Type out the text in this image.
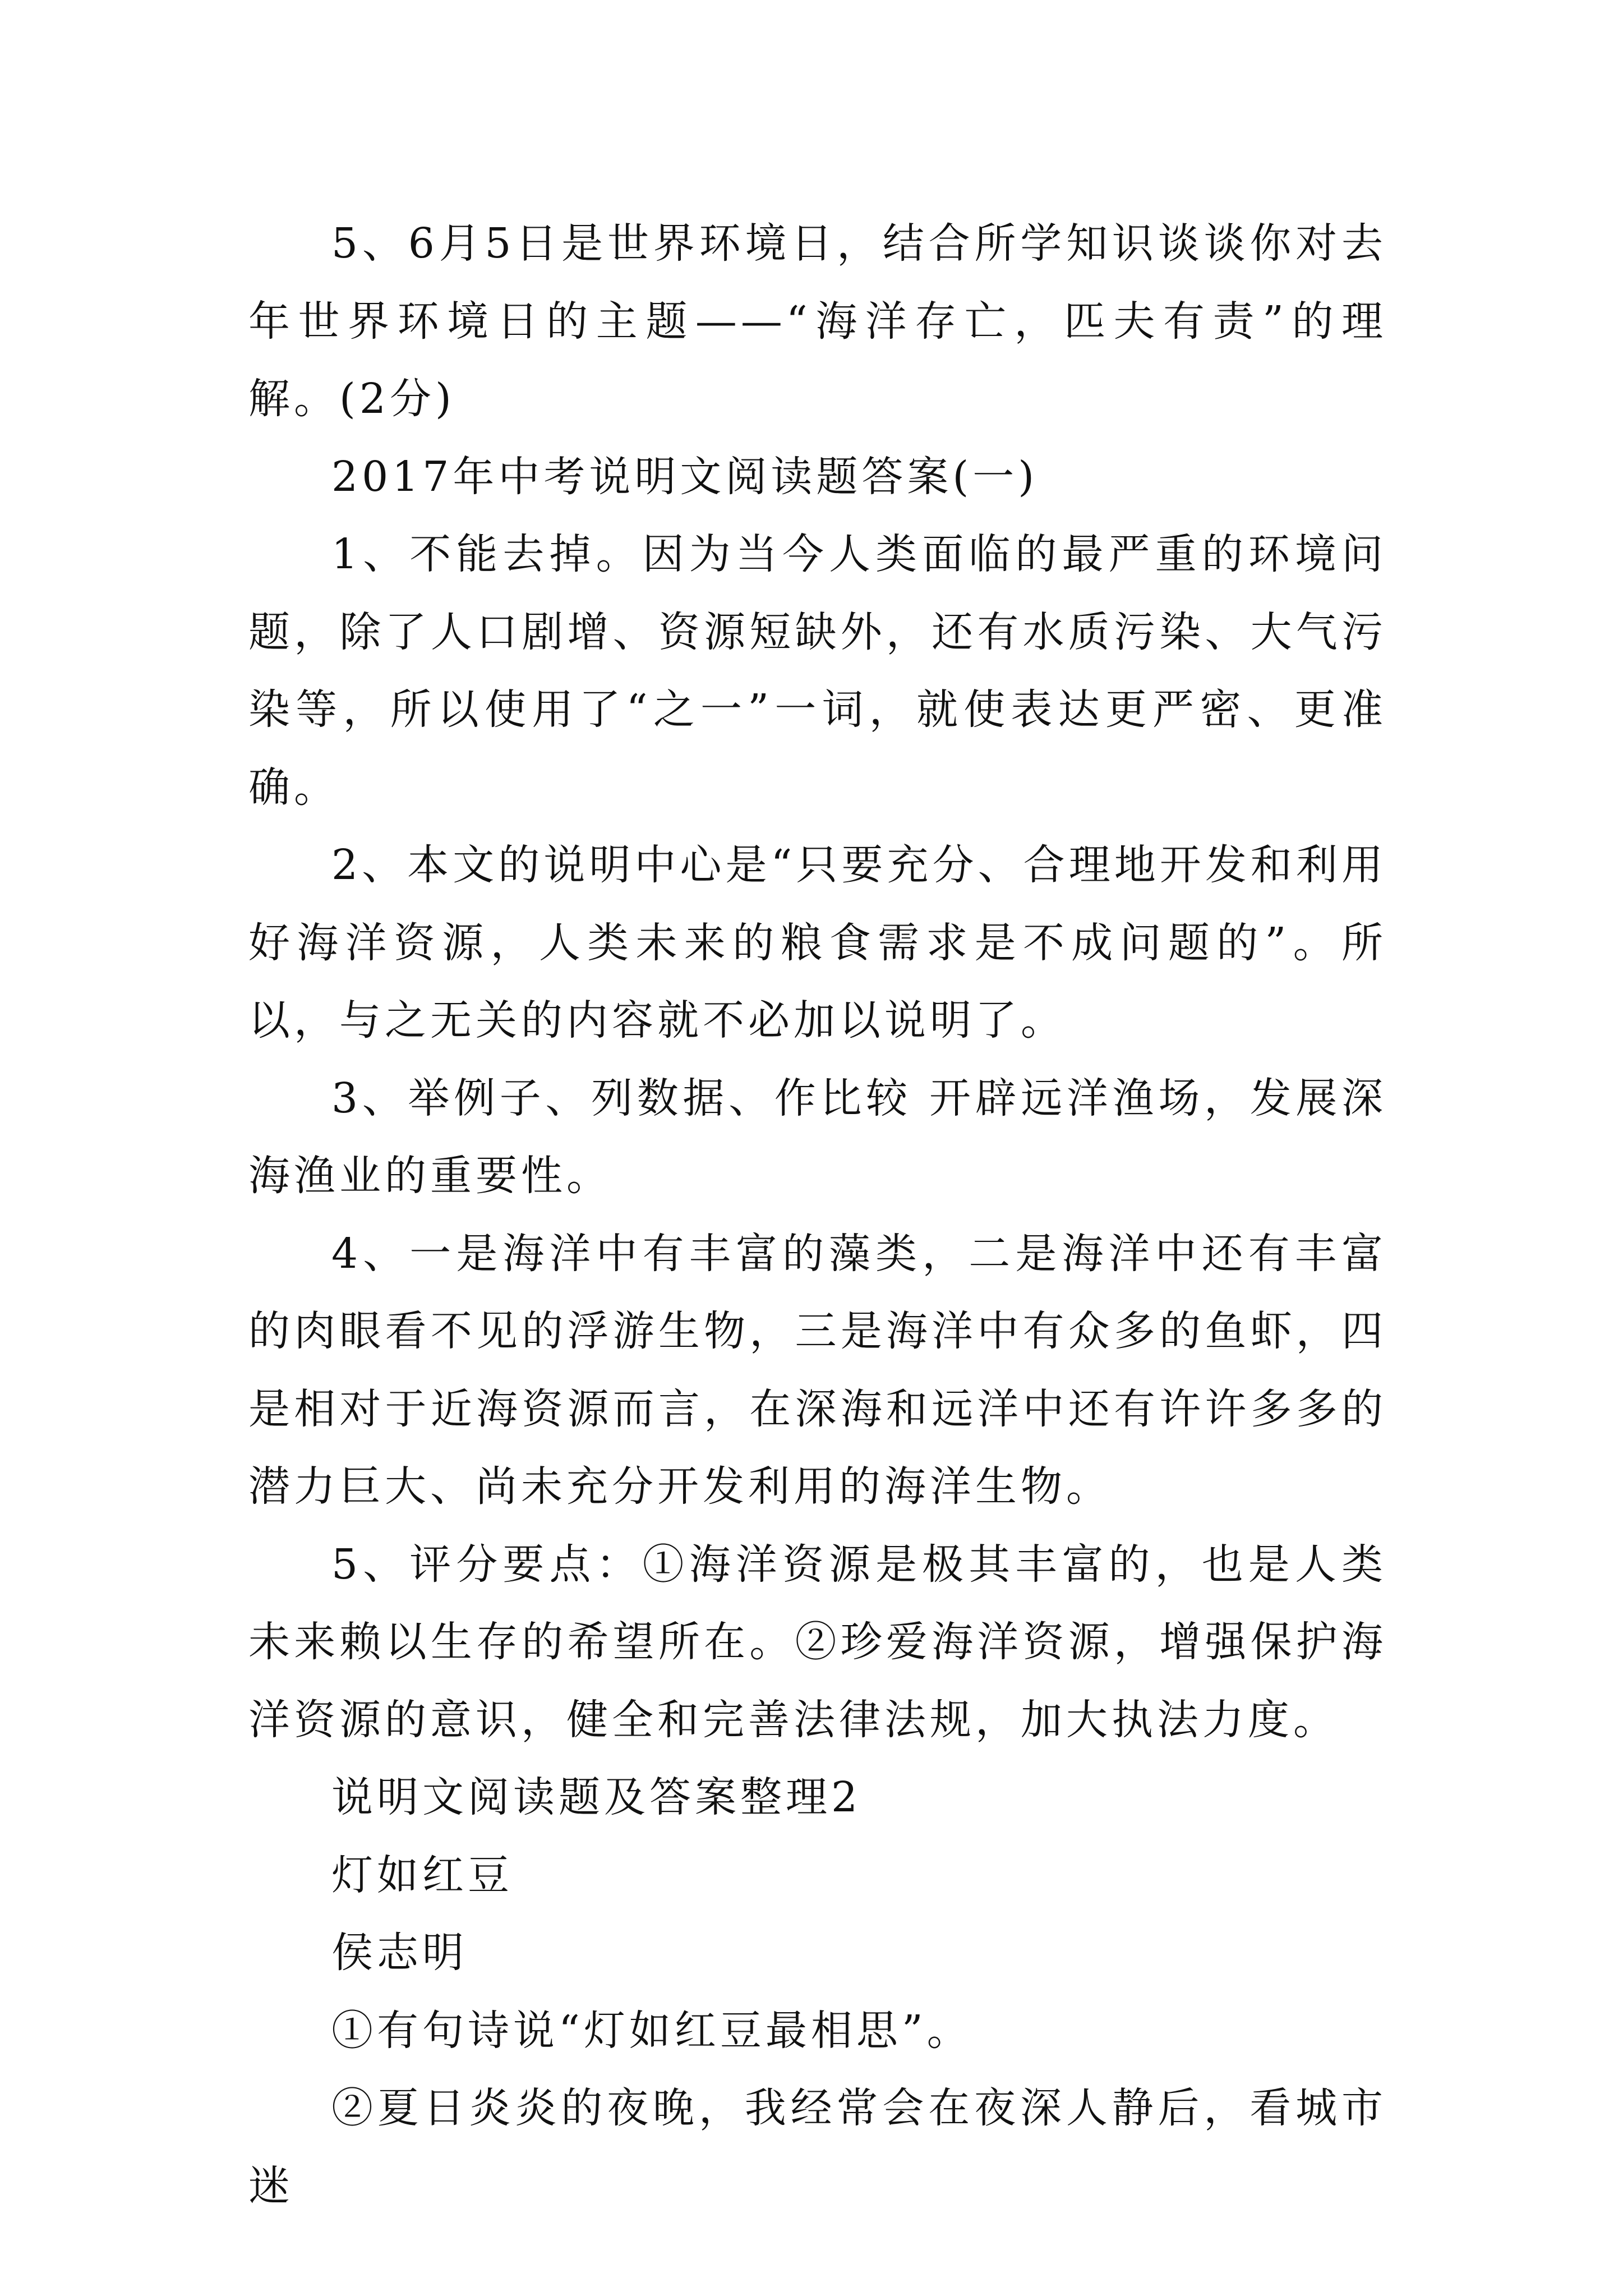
5、6月5日是世界环境日，结合所学知识谈谈你对去年世界环境日的主题——“海洋存亡，匹夫有责”的理解。(2分)

2017年中考说明文阅读题答案(一)

1、不能去掉。因为当今人类面临的最严重的环境问题，除了人口剧增、资源短缺外，还有水质污染、大气污染等，所以使用了“之一”一词，就使表达更严密、更准确。

2、本文的说明中心是“只要充分、合理地开发和利用好海洋资源，人类未来的粮食需求是不成问题的”。所以，与之无关的内容就不必加以说明了。

3、举例子、列数据、作比较 开辟远洋渔场，发展深海渔业的重要性。

4、一是海洋中有丰富的藻类，二是海洋中还有丰富的肉眼看不见的浮游生物，三是海洋中有众多的鱼虾，四是相对于近海资源而言，在深海和远洋中还有许许多多的潜力巨大、尚未充分开发利用的海洋生物。

5、评分要点：①海洋资源是极其丰富的，也是人类未来赖以生存的希望所在。②珍爱海洋资源，增强保护海洋资源的意识，健全和完善法律法规，加大执法力度。

说明文阅读题及答案整理2

灯如红豆

侯志明

①有句诗说“灯如红豆最相思”。

②夏日炎炎的夜晚，我经常会在夜深人静后，看城市迷
